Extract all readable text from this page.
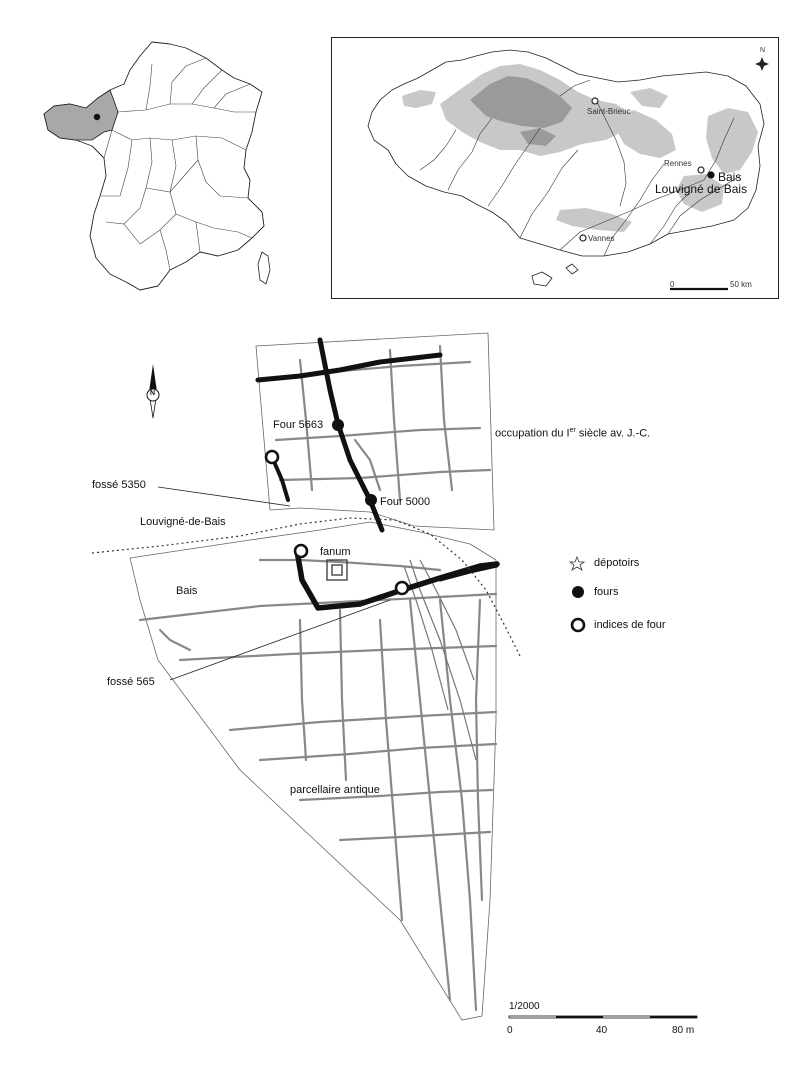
N
Saint-Brieuc
Rennes
Vannes
Bais
Louvigné de Bais
0	50 km
Four 5663
Four 5000
occupation du Ier siècle av. J.-C.
fossé 5350
Louvigné-de-Bais
fanum
Bais
fossé 565
parcellaire antique
dépotoirs
fours
indices de four
N
1/2000
0	40	80 m
